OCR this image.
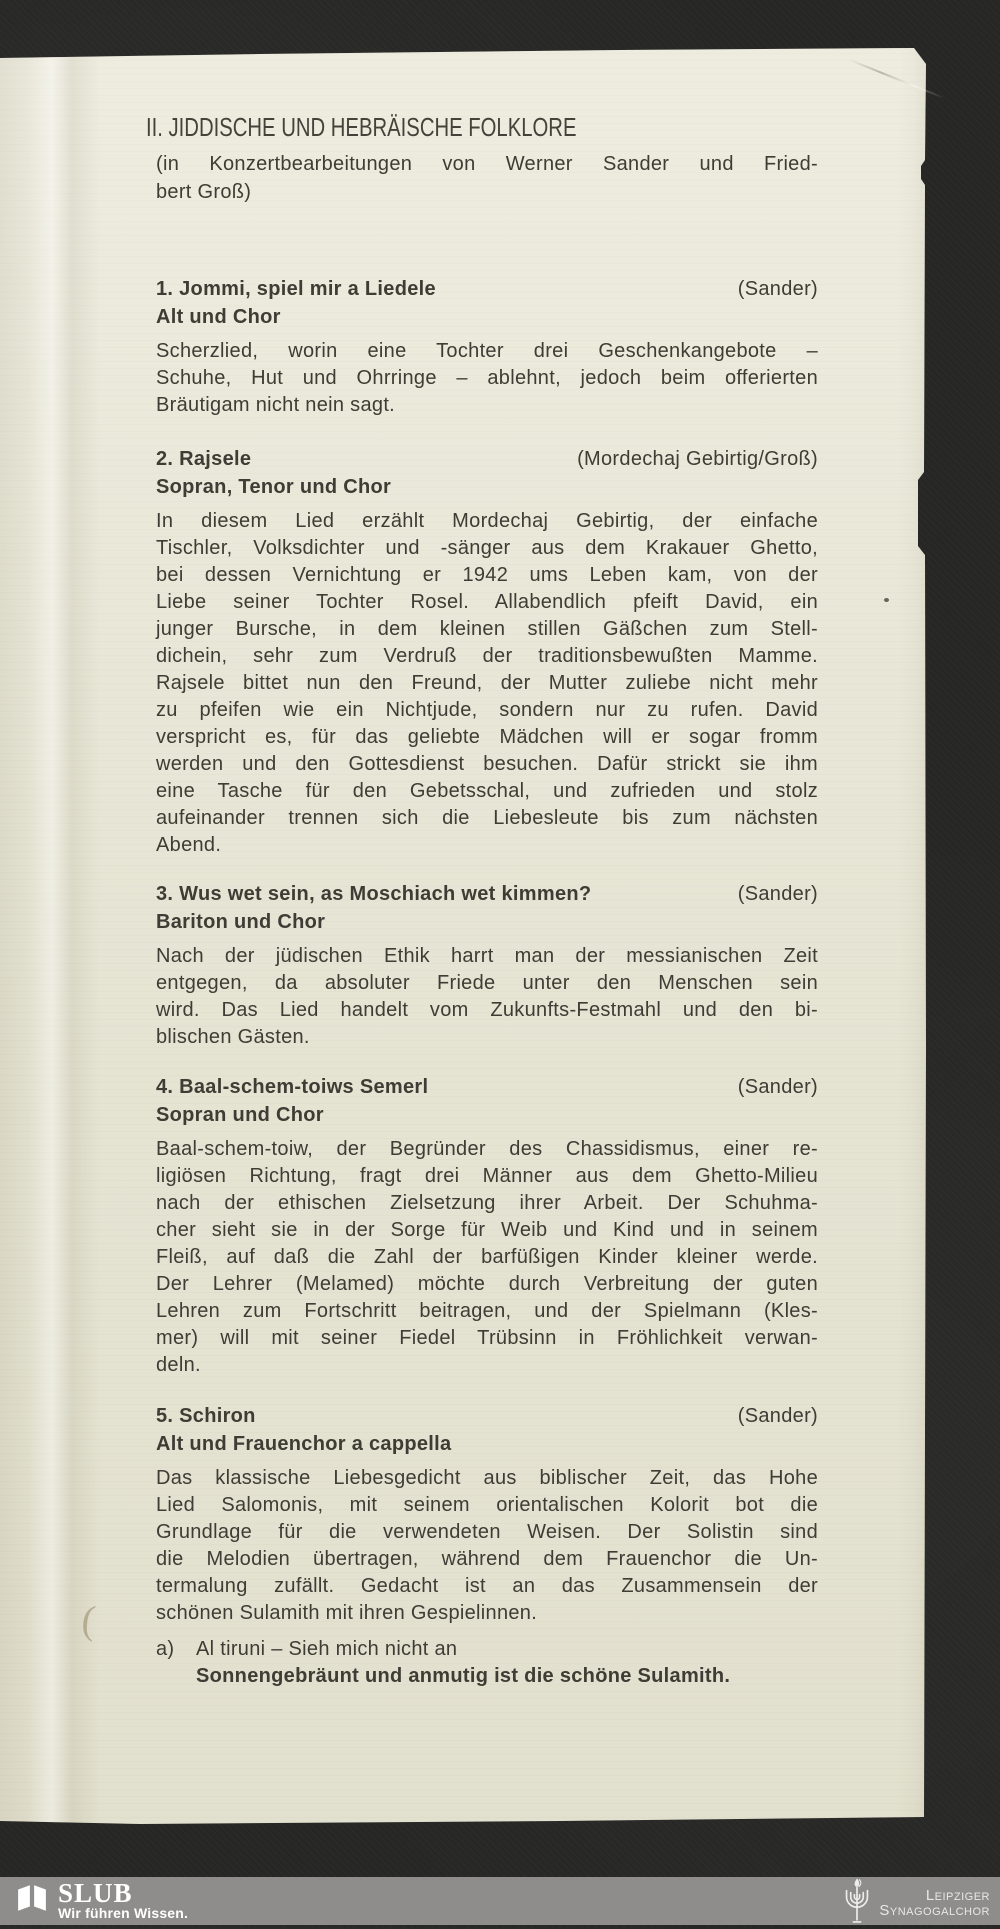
(
II. JIDDISCHE UND HEBRÄISCHE FOLKLORE
(in Konzertbearbeitungen von Werner Sander und Fried-
bert Groß)
1. Jommi, spiel mir a Liedele	(Sander)
Alt und Chor
Scherzlied, worin eine Tochter drei Geschenkangebote –
Schuhe, Hut und Ohrringe – ablehnt, jedoch beim offerierten
Bräutigam nicht nein sagt.
2. Rajsele	(Mordechaj Gebirtig/Groß)
Sopran, Tenor und Chor
In diesem Lied erzählt Mordechaj Gebirtig, der einfache
Tischler, Volksdichter und -sänger aus dem Krakauer Ghetto,
bei dessen Vernichtung er 1942 ums Leben kam, von der
Liebe seiner Tochter Rosel. Allabendlich pfeift David, ein
junger Bursche, in dem kleinen stillen Gäßchen zum Stell-
dichein, sehr zum Verdruß der traditionsbewußten Mamme.
Rajsele bittet nun den Freund, der Mutter zuliebe nicht mehr
zu pfeifen wie ein Nichtjude, sondern nur zu rufen. David
verspricht es, für das geliebte Mädchen will er sogar fromm
werden und den Gottesdienst besuchen. Dafür strickt sie ihm
eine Tasche für den Gebetsschal, und zufrieden und stolz
aufeinander trennen sich die Liebesleute bis zum nächsten
Abend.
3. Wus wet sein, as Moschiach wet kimmen?	(Sander)
Bariton und Chor
Nach der jüdischen Ethik harrt man der messianischen Zeit
entgegen, da absoluter Friede unter den Menschen sein
wird. Das Lied handelt vom Zukunfts-Festmahl und den bi-
blischen Gästen.
4. Baal-schem-toiws Semerl	(Sander)
Sopran und Chor
Baal-schem-toiw, der Begründer des Chassidismus, einer re-
ligiösen Richtung, fragt drei Männer aus dem Ghetto-Milieu
nach der ethischen Zielsetzung ihrer Arbeit. Der Schuhma-
cher sieht sie in der Sorge für Weib und Kind und in seinem
Fleiß, auf daß die Zahl der barfüßigen Kinder kleiner werde.
Der Lehrer (Melamed) möchte durch Verbreitung der guten
Lehren zum Fortschritt beitragen, und der Spielmann (Kles-
mer) will mit seiner Fiedel Trübsinn in Fröhlichkeit verwan-
deln.
5. Schiron	(Sander)
Alt und Frauenchor a cappella
Das klassische Liebesgedicht aus biblischer Zeit, das Hohe
Lied Salomonis, mit seinem orientalischen Kolorit bot die
Grundlage für die verwendeten Weisen. Der Solistin sind
die Melodien übertragen, während dem Frauenchor die Un-
termalung zufällt. Gedacht ist an das Zusammensein der
schönen Sulamith mit ihren Gespielinnen.
a) Al tiruni – Sieh mich nicht an
Sonnengebräunt und anmutig ist die schöne Sulamith.
SLUB
Wir führen Wissen.
Leipziger
Synagogalchor
